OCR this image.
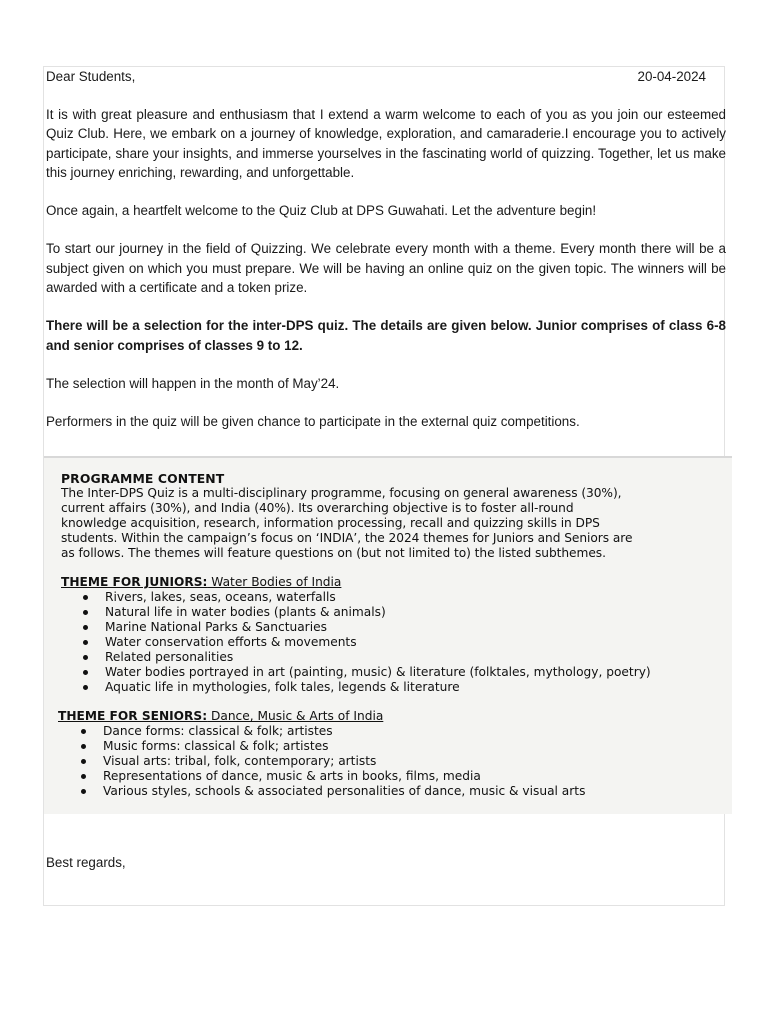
Dear Students,	20-04-2024

It is with great pleasure and enthusiasm that I extend a warm welcome to each of you as you join our esteemed Quiz Club. Here, we embark on a journey of knowledge, exploration, and camaraderie.I encourage you to actively participate, share your insights, and immerse yourselves in the fascinating world of quizzing. Together, let us make this journey enriching, rewarding, and unforgettable.

Once again, a heartfelt welcome to the Quiz Club at DPS Guwahati. Let the adventure begin!

To start our journey in the field of Quizzing. We celebrate every month with a theme. Every month there will be a subject given on which you must prepare. We will be having an online quiz on the given topic. The winners will be awarded with a certificate and a token prize.

There will be a selection for the inter-DPS quiz. The details are given below. Junior comprises of class 6-8 and senior comprises of classes 9 to 12.

The selection will happen in the month of May’24.

Performers in the quiz will be given chance to participate in the external quiz competitions.

Best regards,
PROGRAMME CONTENT

The Inter-DPS Quiz is a multi-disciplinary programme, focusing on general awareness (30%),

current affairs (30%), and India (40%). Its overarching objective is to foster all-round

knowledge acquisition, research, information processing, recall and quizzing skills in DPS

students. Within the campaign’s focus on ‘INDIA’, the 2024 themes for Juniors and Seniors are

as follows. The themes will feature questions on (but not limited to) the listed subthemes.

THEME FOR JUNIORS: Water Bodies of India
Rivers, lakes, seas, oceans, waterfalls
Natural life in water bodies (plants & animals)
Marine National Parks & Sanctuaries
Water conservation efforts & movements
Related personalities
Water bodies portrayed in art (painting, music) & literature (folktales, mythology, poetry)
Aquatic life in mythologies, folk tales, legends & literature
THEME FOR SENIORS: Dance, Music & Arts of India
Dance forms: classical & folk; artistes
Music forms: classical & folk; artistes
Visual arts: tribal, folk, contemporary; artists
Representations of dance, music & arts in books, films, media
Various styles, schools & associated personalities of dance, music & visual arts
